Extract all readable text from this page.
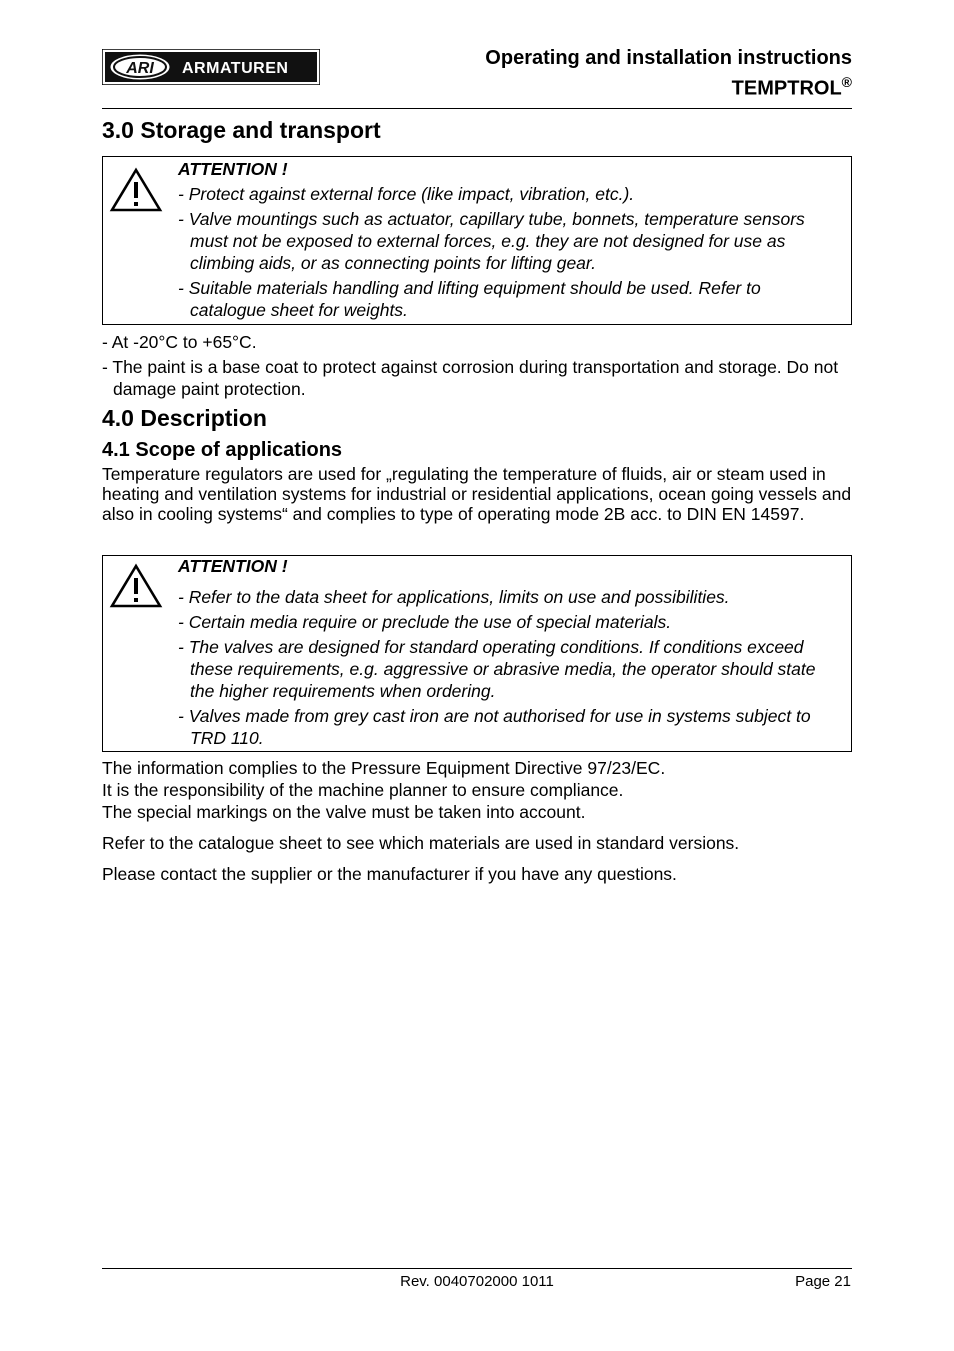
ARI ARMATUREN	Operating and installation instructions
TEMPTROL®
3.0 Storage and transport
ATTENTION !
- Protect against external force (like impact, vibration, etc.).
- Valve mountings such as actuator, capillary tube, bonnets, temperature sensors must not be exposed to external forces, e.g. they are not designed for use as climbing aids, or as connecting points for lifting gear.
- Suitable materials handling and lifting equipment should be used. Refer to catalogue sheet for weights.
- At -20°C to +65°C.
- The paint is a base coat to protect against corrosion during transportation and storage. Do not damage paint protection.
4.0 Description
4.1 Scope of applications
Temperature regulators are used for „regulating the temperature of fluids, air or steam used in heating and ventilation systems for industrial or residential applications, ocean going vessels and also in cooling systems“ and complies to type of operating mode 2B acc. to DIN EN 14597.
ATTENTION !
- Refer to the data sheet for applications, limits on use and possibilities.
- Certain media require or preclude the use of special materials.
- The valves are designed for standard operating conditions. If conditions exceed these requirements, e.g. aggressive or abrasive media, the operator should state the higher requirements when ordering.
- Valves made from grey cast iron are not authorised for use in systems subject to TRD 110.
The information complies to the Pressure Equipment Directive 97/23/EC.
It is the responsibility of the machine planner to ensure compliance.
The special markings on the valve must be taken into account.
Refer to the catalogue sheet to see which materials are used in standard versions.
Please contact the supplier or the manufacturer if you have any questions.
Rev. 0040702000 1011	Page 21
